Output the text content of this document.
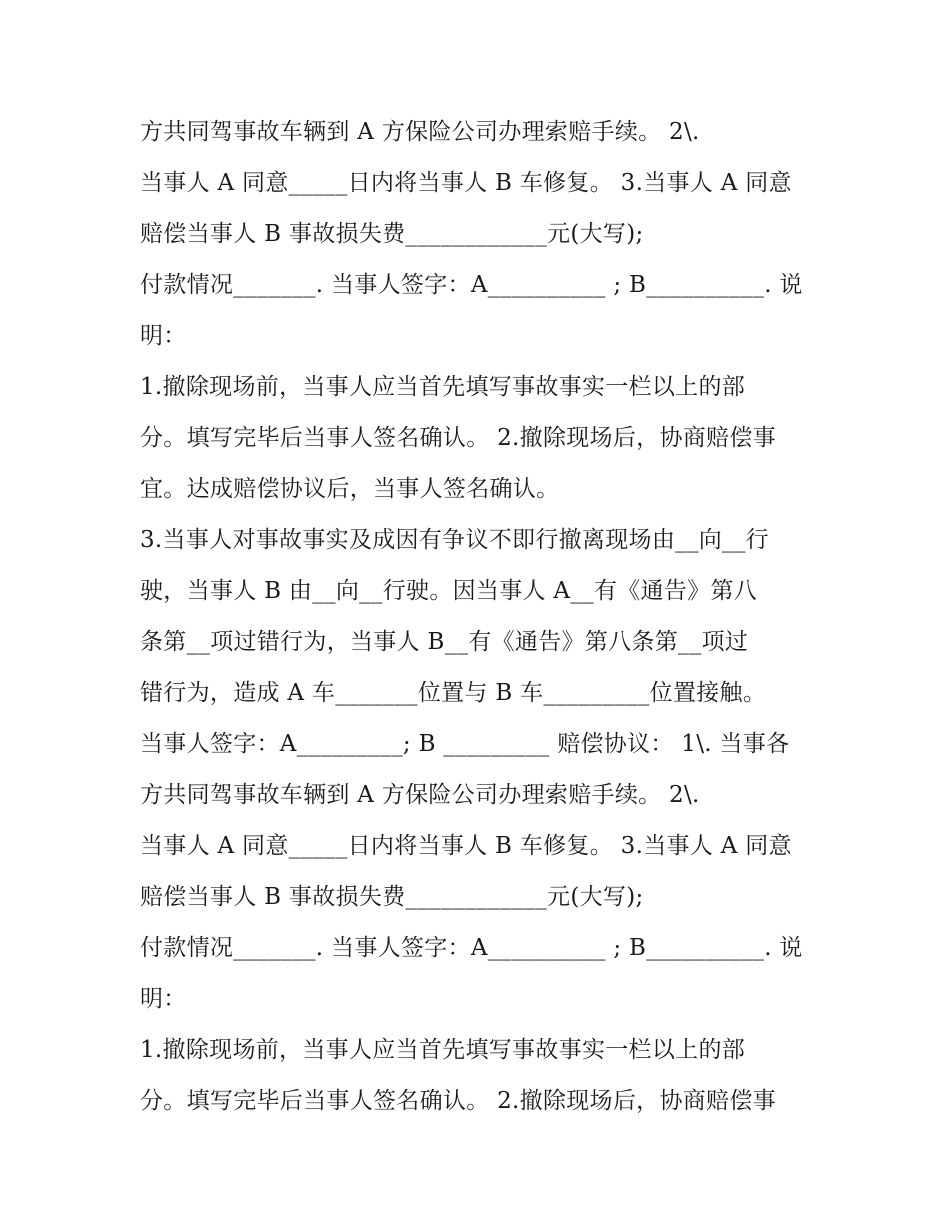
方共同驾事故车辆到 A 方保险公司办理索赔手续。 2\.
当事人 A 同意_____日内将当事人 B 车修复。 3.当事人 A 同意
赔偿当事人 B 事故损失费____________元(大写);
付款情况_______. 当事人签字：A__________ ; B__________. 说
明：
1.撤除现场前，当事人应当首先填写事故事实一栏以上的部
分。填写完毕后当事人签名确认。 2.撤除现场后，协商赔偿事
宜。达成赔偿协议后，当事人签名确认。
3.当事人对事故事实及成因有争议不即行撤离现场由__向__行
驶，当事人 B 由__向__行驶。因当事人 A__有《通告》第八
条第__项过错行为，当事人 B__有《通告》第八条第__项过
错行为，造成 A 车_______位置与 B 车_________位置接触。
当事人签字：A_________; B _________ 赔偿协议： 1\. 当事各
方共同驾事故车辆到 A 方保险公司办理索赔手续。 2\.
当事人 A 同意_____日内将当事人 B 车修复。 3.当事人 A 同意
赔偿当事人 B 事故损失费____________元(大写);
付款情况_______. 当事人签字：A__________ ; B__________. 说
明：
1.撤除现场前，当事人应当首先填写事故事实一栏以上的部
分。填写完毕后当事人签名确认。 2.撤除现场后，协商赔偿事
